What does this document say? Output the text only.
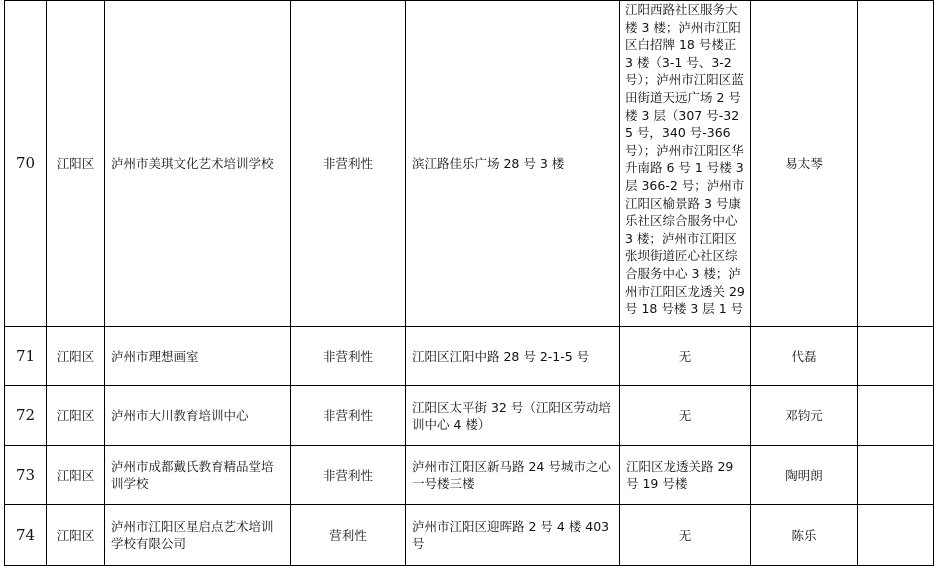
70	江阳区	泸州市美琪文化艺术培训学校	非营利性	滨江路佳乐广场 28 号 3 楼	江阳西路社区服务大楼 3 楼；泸州市江阳区白招牌 18 号楼正 3 楼（3-1 号、3-2 号）；泸州市江阳区蓝田街道天远广场 2 号楼 3 层（307 号-325 号，340 号-366 号）；泸州市江阳区华升南路 6 号 1 号楼 3 层 366-2 号；泸州市江阳区榆景路 3 号康乐社区综合服务中心 3 楼；泸州市江阳区张坝街道匠心社区综合服务中心 3 楼；泸州市江阳区龙透关 29 号 18 号楼 3 层 1 号	易太琴	
71	江阳区	泸州市理想画室	非营利性	江阳区江阳中路 28 号 2-1-5 号	无	代磊	
72	江阳区	泸州市大川教育培训中心	非营利性	江阳区太平街 32 号（江阳区劳动培训中心 4 楼）	无	邓钧元	
73	江阳区	泸州市成都戴氏教育精品堂培训学校	非营利性	泸州市江阳区新马路 24 号城市之心一号楼三楼	江阳区龙透关路 29 号 19 号楼	陶明朗	
74	江阳区	泸州市江阳区星启点艺术培训学校有限公司	营利性	泸州市江阳区迎晖路 2 号 4 楼 403 号	无	陈乐	
